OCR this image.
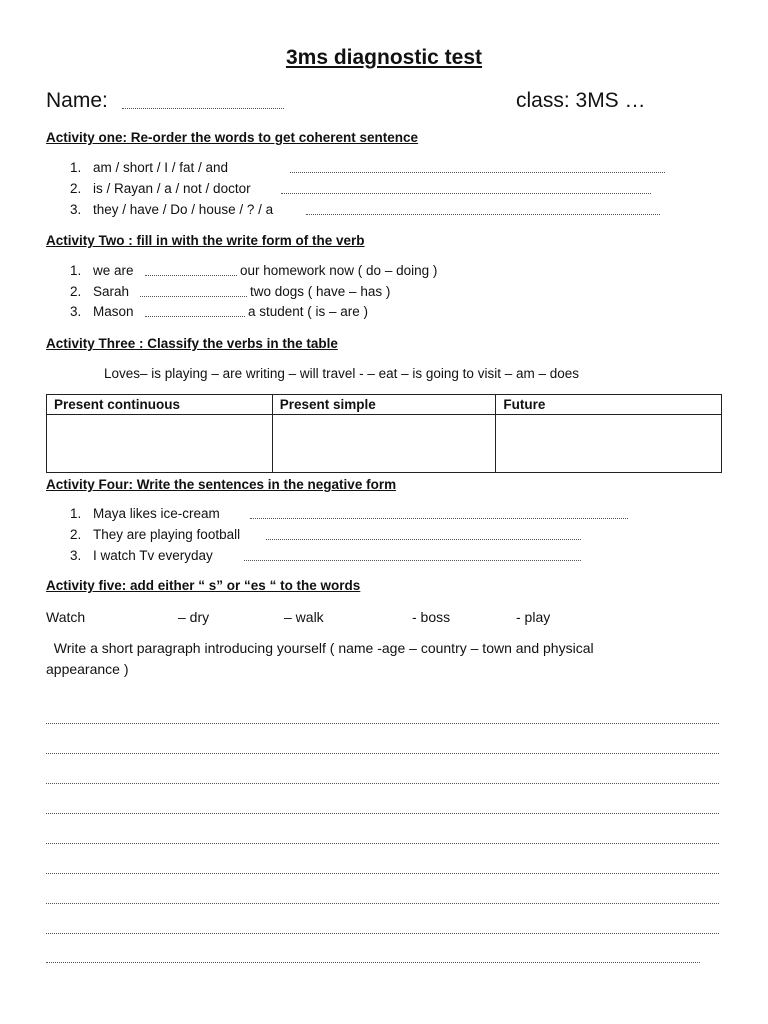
3ms diagnostic test
Name:	class: 3MS …
Activity one: Re-order the words to get coherent sentence
1. am / short / I / fat / and
2. is / Rayan / a / not / doctor
3. they / have / Do / house / ? / a
Activity Two : fill in with the write form of the verb
1. we are	our homework now ( do – doing )
2. Sarah	two dogs ( have – has )
3. Mason	a student ( is – are )
Activity Three : Classify the verbs in the table
Loves– is playing – are writing – will travel - – eat – is going to visit – am – does
Present continuous	Present simple	Future

Activity Four: Write the sentences in the negative form
1. Maya likes ice-cream
2. They are playing football
3. I watch Tv everyday
Activity five: add either “ s” or “es “ to the words
Watch	– dry	– walk	- boss	- play
Write a short paragraph introducing yourself ( name -age – country – town and physical appearance )
